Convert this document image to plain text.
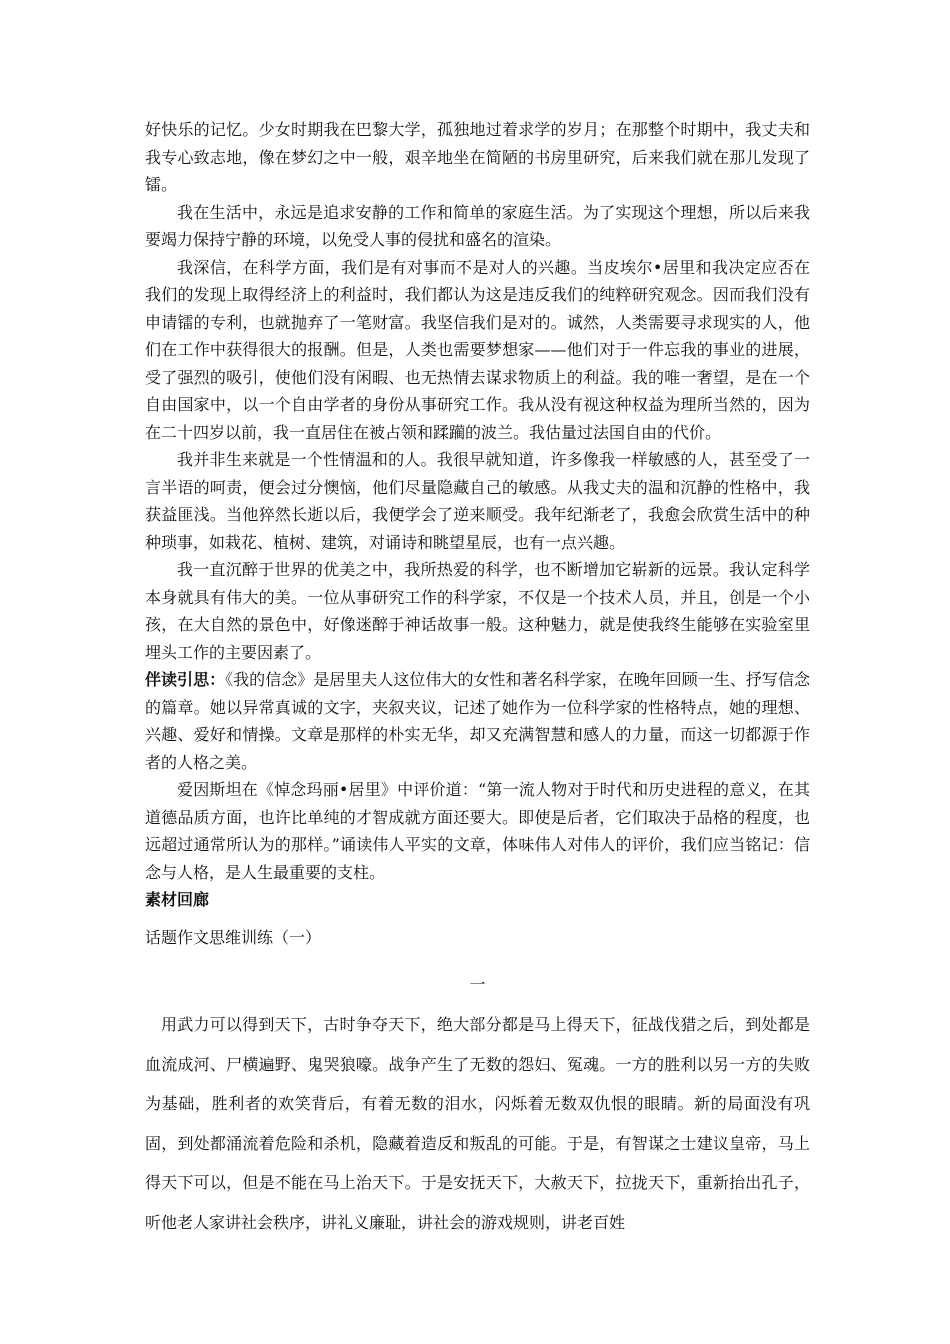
好快乐的记忆。少女时期我在巴黎大学，孤独地过着求学的岁月；在那整个时期中，我丈夫和我专心致志地，像在梦幻之中一般，艰辛地坐在简陋的书房里研究，后来我们就在那儿发现了镭。

我在生活中，永远是追求安静的工作和简单的家庭生活。为了实现这个理想，所以后来我要竭力保持宁静的环境，以免受人事的侵扰和盛名的渲染。

我深信，在科学方面，我们是有对事而不是对人的兴趣。当皮埃尔•居里和我决定应否在我们的发现上取得经济上的利益时，我们都认为这是违反我们的纯粹研究观念。因而我们没有申请镭的专利，也就抛弃了一笔财富。我坚信我们是对的。诚然，人类需要寻求现实的人，他们在工作中获得很大的报酬。但是，人类也需要梦想家——他们对于一件忘我的事业的进展，受了强烈的吸引，使他们没有闲暇、也无热情去谋求物质上的利益。我的唯一奢望，是在一个自由国家中，以一个自由学者的身份从事研究工作。我从没有视这种权益为理所当然的，因为在二十四岁以前，我一直居住在被占领和蹂躏的波兰。我估量过法国自由的代价。

我并非生来就是一个性情温和的人。我很早就知道，许多像我一样敏感的人，甚至受了一言半语的呵责，便会过分懊恼，他们尽量隐藏自己的敏感。从我丈夫的温和沉静的性格中，我获益匪浅。当他猝然长逝以后，我便学会了逆来顺受。我年纪渐老了，我愈会欣赏生活中的种种琐事，如栽花、植树、建筑，对诵诗和眺望星辰，也有一点兴趣。

我一直沉醉于世界的优美之中，我所热爱的科学，也不断增加它崭新的远景。我认定科学本身就具有伟大的美。一位从事研究工作的科学家，不仅是一个技术人员，并且，创是一个小孩，在大自然的景色中，好像迷醉于神话故事一般。这种魅力，就是使我终生能够在实验室里埋头工作的主要因素了。

伴读引思：《我的信念》是居里夫人这位伟大的女性和著名科学家，在晚年回顾一生、抒写信念的篇章。她以异常真诚的文字，夹叙夹议，记述了她作为一位科学家的性格特点，她的理想、兴趣、爱好和情操。文章是那样的朴实无华，却又充满智慧和感人的力量，而这一切都源于作者的人格之美。

爱因斯坦在《悼念玛丽•居里》中评价道：“第一流人物对于时代和历史进程的意义，在其道德品质方面，也许比单纯的才智成就方面还要大。即使是后者，它们取决于品格的程度，也远超过通常所认为的那样。”诵读伟人平实的文章，体味伟人对伟人的评价，我们应当铭记：信念与人格，是人生最重要的支柱。

素材回廊

话题作文思维训练（一）

一

用武力可以得到天下，古时争夺天下，绝大部分都是马上得天下，征战伐猎之后，到处都是血流成河、尸横遍野、鬼哭狼嚎。战争产生了无数的怨妇、冤魂。一方的胜利以另一方的失败为基础，胜利者的欢笑背后，有着无数的泪水，闪烁着无数双仇恨的眼睛。新的局面没有巩固，到处都涌流着危险和杀机，隐藏着造反和叛乱的可能。于是，有智谋之士建议皇帝，马上得天下可以，但是不能在马上治天下。于是安抚天下，大赦天下，拉拢天下，重新抬出孔子，听他老人家讲社会秩序，讲礼义廉耻，讲社会的游戏规则，讲老百姓
